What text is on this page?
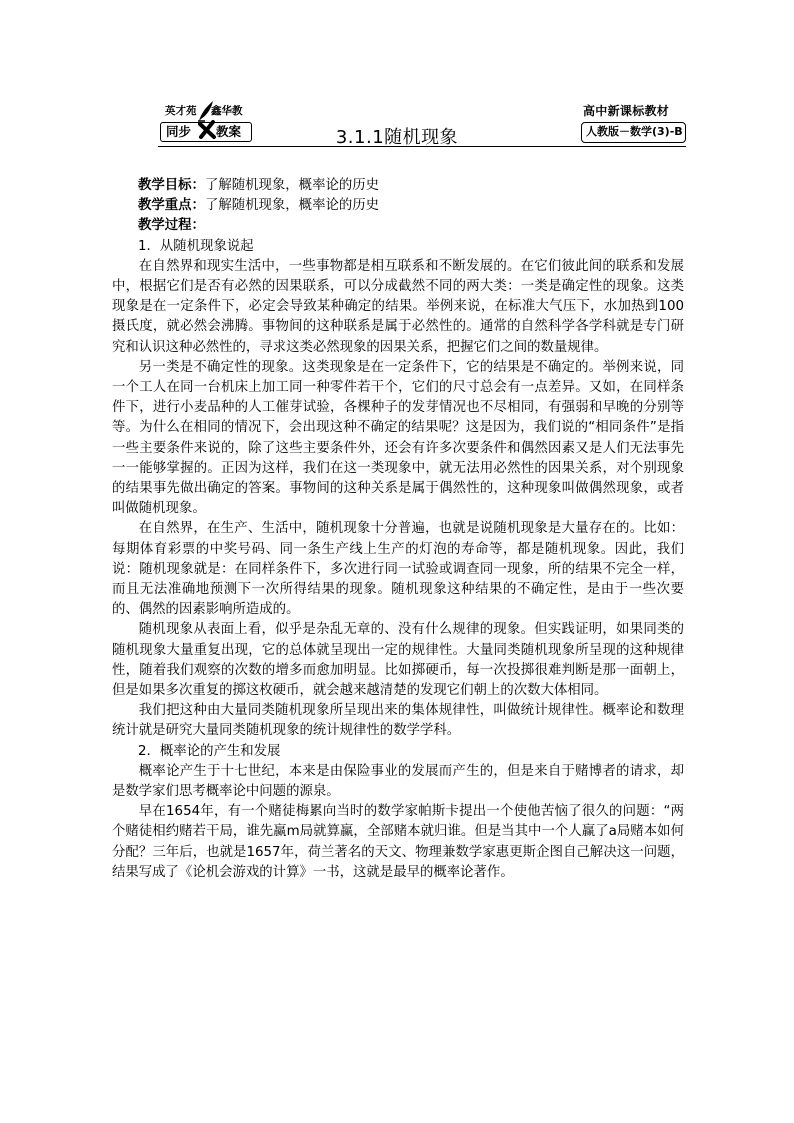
英才苑 鑫华教
同步 教案	3.1.1随机现象
高中新课标教材
人教版－数学(3)-B

教学目标：了解随机现象，概率论的历史

教学重点：了解随机现象，概率论的历史

教学过程：

1．从随机现象说起

在自然界和现实生活中，一些事物都是相互联系和不断发展的。在它们彼此间的联系和发展中，根据它们是否有必然的因果联系，可以分成截然不同的两大类：一类是确定性的现象。这类现象是在一定条件下，必定会导致某种确定的结果。举例来说，在标准大气压下，水加热到100摄氏度，就必然会沸腾。事物间的这种联系是属于必然性的。通常的自然科学各学科就是专门研究和认识这种必然性的，寻求这类必然现象的因果关系，把握它们之间的数量规律。

另一类是不确定性的现象。这类现象是在一定条件下，它的结果是不确定的。举例来说，同一个工人在同一台机床上加工同一种零件若干个，它们的尺寸总会有一点差异。又如，在同样条件下，进行小麦品种的人工催芽试验，各棵种子的发芽情况也不尽相同，有强弱和早晚的分别等等。为什么在相同的情况下，会出现这种不确定的结果呢？这是因为，我们说的“相同条件”是指一些主要条件来说的，除了这些主要条件外，还会有许多次要条件和偶然因素又是人们无法事先一一能够掌握的。正因为这样，我们在这一类现象中，就无法用必然性的因果关系，对个别现象的结果事先做出确定的答案。事物间的这种关系是属于偶然性的，这种现象叫做偶然现象，或者叫做随机现象。

在自然界，在生产、生活中，随机现象十分普遍，也就是说随机现象是大量存在的。比如：每期体育彩票的中奖号码、同一条生产线上生产的灯泡的寿命等，都是随机现象。因此，我们说：随机现象就是：在同样条件下，多次进行同一试验或调查同一现象，所的结果不完全一样，而且无法准确地预测下一次所得结果的现象。随机现象这种结果的不确定性，是由于一些次要的、偶然的因素影响所造成的。

随机现象从表面上看，似乎是杂乱无章的、没有什么规律的现象。但实践证明，如果同类的随机现象大量重复出现，它的总体就呈现出一定的规律性。大量同类随机现象所呈现的这种规律性，随着我们观察的次数的增多而愈加明显。比如掷硬币，每一次投掷很难判断是那一面朝上，但是如果多次重复的掷这枚硬币，就会越来越清楚的发现它们朝上的次数大体相同。

我们把这种由大量同类随机现象所呈现出来的集体规律性，叫做统计规律性。概率论和数理统计就是研究大量同类随机现象的统计规律性的数学学科。

2．概率论的产生和发展

概率论产生于十七世纪，本来是由保险事业的发展而产生的，但是来自于赌博者的请求，却是数学家们思考概率论中问题的源泉。

早在1654年，有一个赌徒梅累向当时的数学家帕斯卡提出一个使他苦恼了很久的问题：“两个赌徒相约赌若干局，谁先赢m局就算赢，全部赌本就归谁。但是当其中一个人赢了a局赌本如何分配？三年后，也就是1657年，荷兰著名的天文、物理兼数学家惠更斯企图自己解决这一问题，结果写成了《论机会游戏的计算》一书，这就是最早的概率论著作。
